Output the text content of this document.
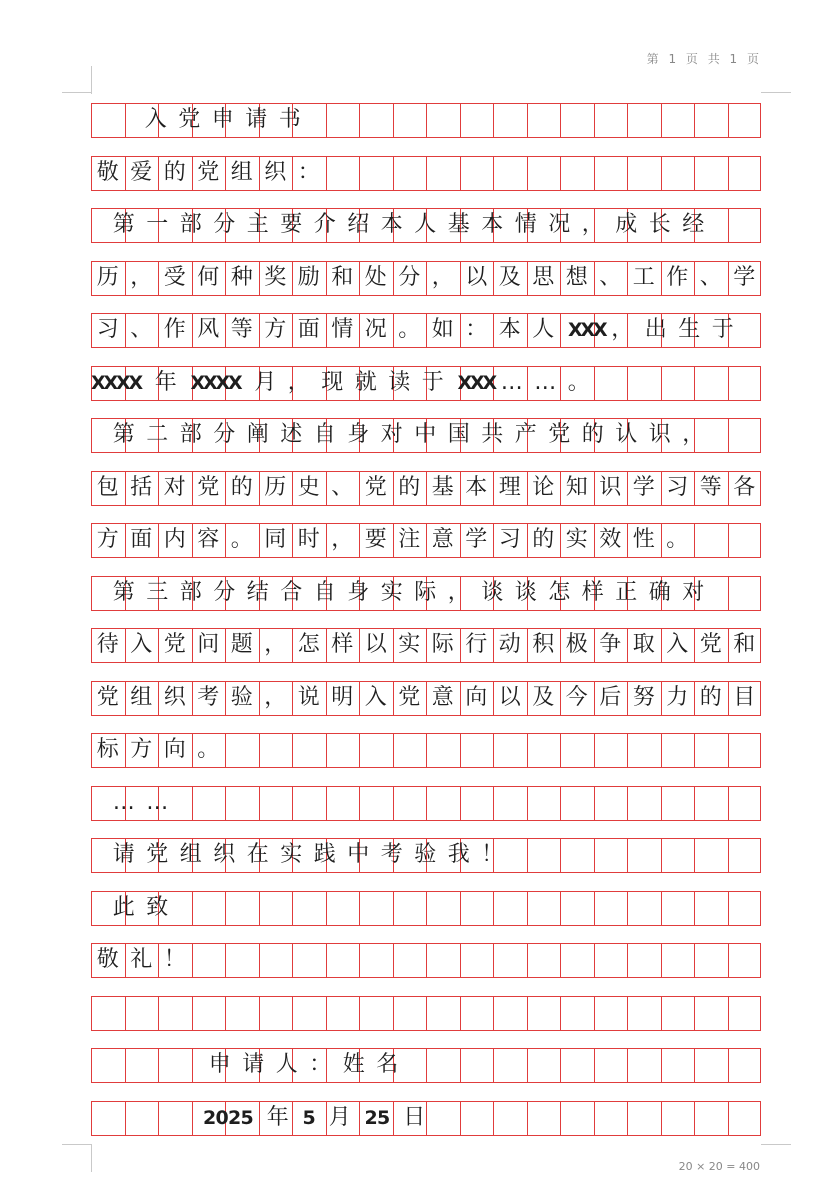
第 1 页 共 1 页
入 党 申 请 书
敬 爱 的 党 组 织 ：
第 一 部 分 主 要 介 绍 本 人 基 本 情 况 ， 成 长 经
历 ， 受 何 种 奖 励 和 处 分 ， 以 及 思 想 、 工 作 、 学
习 、 作 风 等 方 面 情 况 。 如 ： 本 人 XXX ， 出 生 于
XXXX 年 XXXX 月 ， 现 就 读 于 XXX … … 。
第 二 部 分 阐 述 自 身 对 中 国 共 产 党 的 认 识 ，
包 括 对 党 的 历 史 、 党 的 基 本 理 论 知 识 学 习 等 各
方 面 内 容 。 同 时 ， 要 注 意 学 习 的 实 效 性 。
第 三 部 分 结 合 自 身 实 际 ， 谈 谈 怎 样 正 确 对
待 入 党 问 题 ， 怎 样 以 实 际 行 动 积 极 争 取 入 党 和
党 组 织 考 验 ， 说 明 入 党 意 向 以 及 今 后 努 力 的 目
标 方 向 。
… …
请 党 组 织 在 实 践 中 考 验 我 ！
此 致
敬 礼 ！
申 请 人 ： 姓 名
2025 年 5 月 25 日
20 × 20 = 400
